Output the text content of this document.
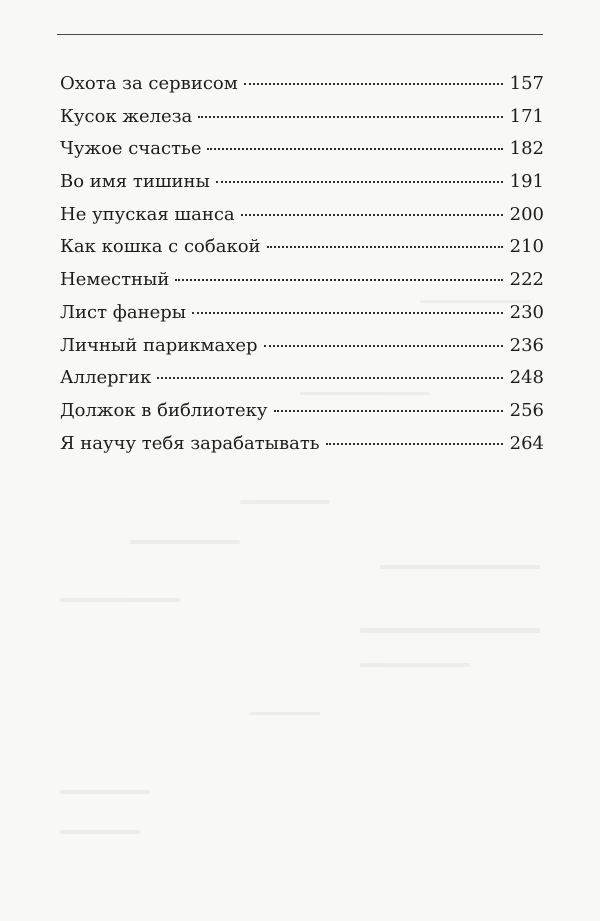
Охота за сервисом	157
Кусок железа	171
Чужое счастье	182
Во имя тишины	191
Не упуская шанса	200
Как кошка с собакой	210
Неместный	222
Лист фанеры	230
Личный парикмахер	236
Аллергик	248
Должок в библиотеку	256
Я научу тебя зарабатывать	264
